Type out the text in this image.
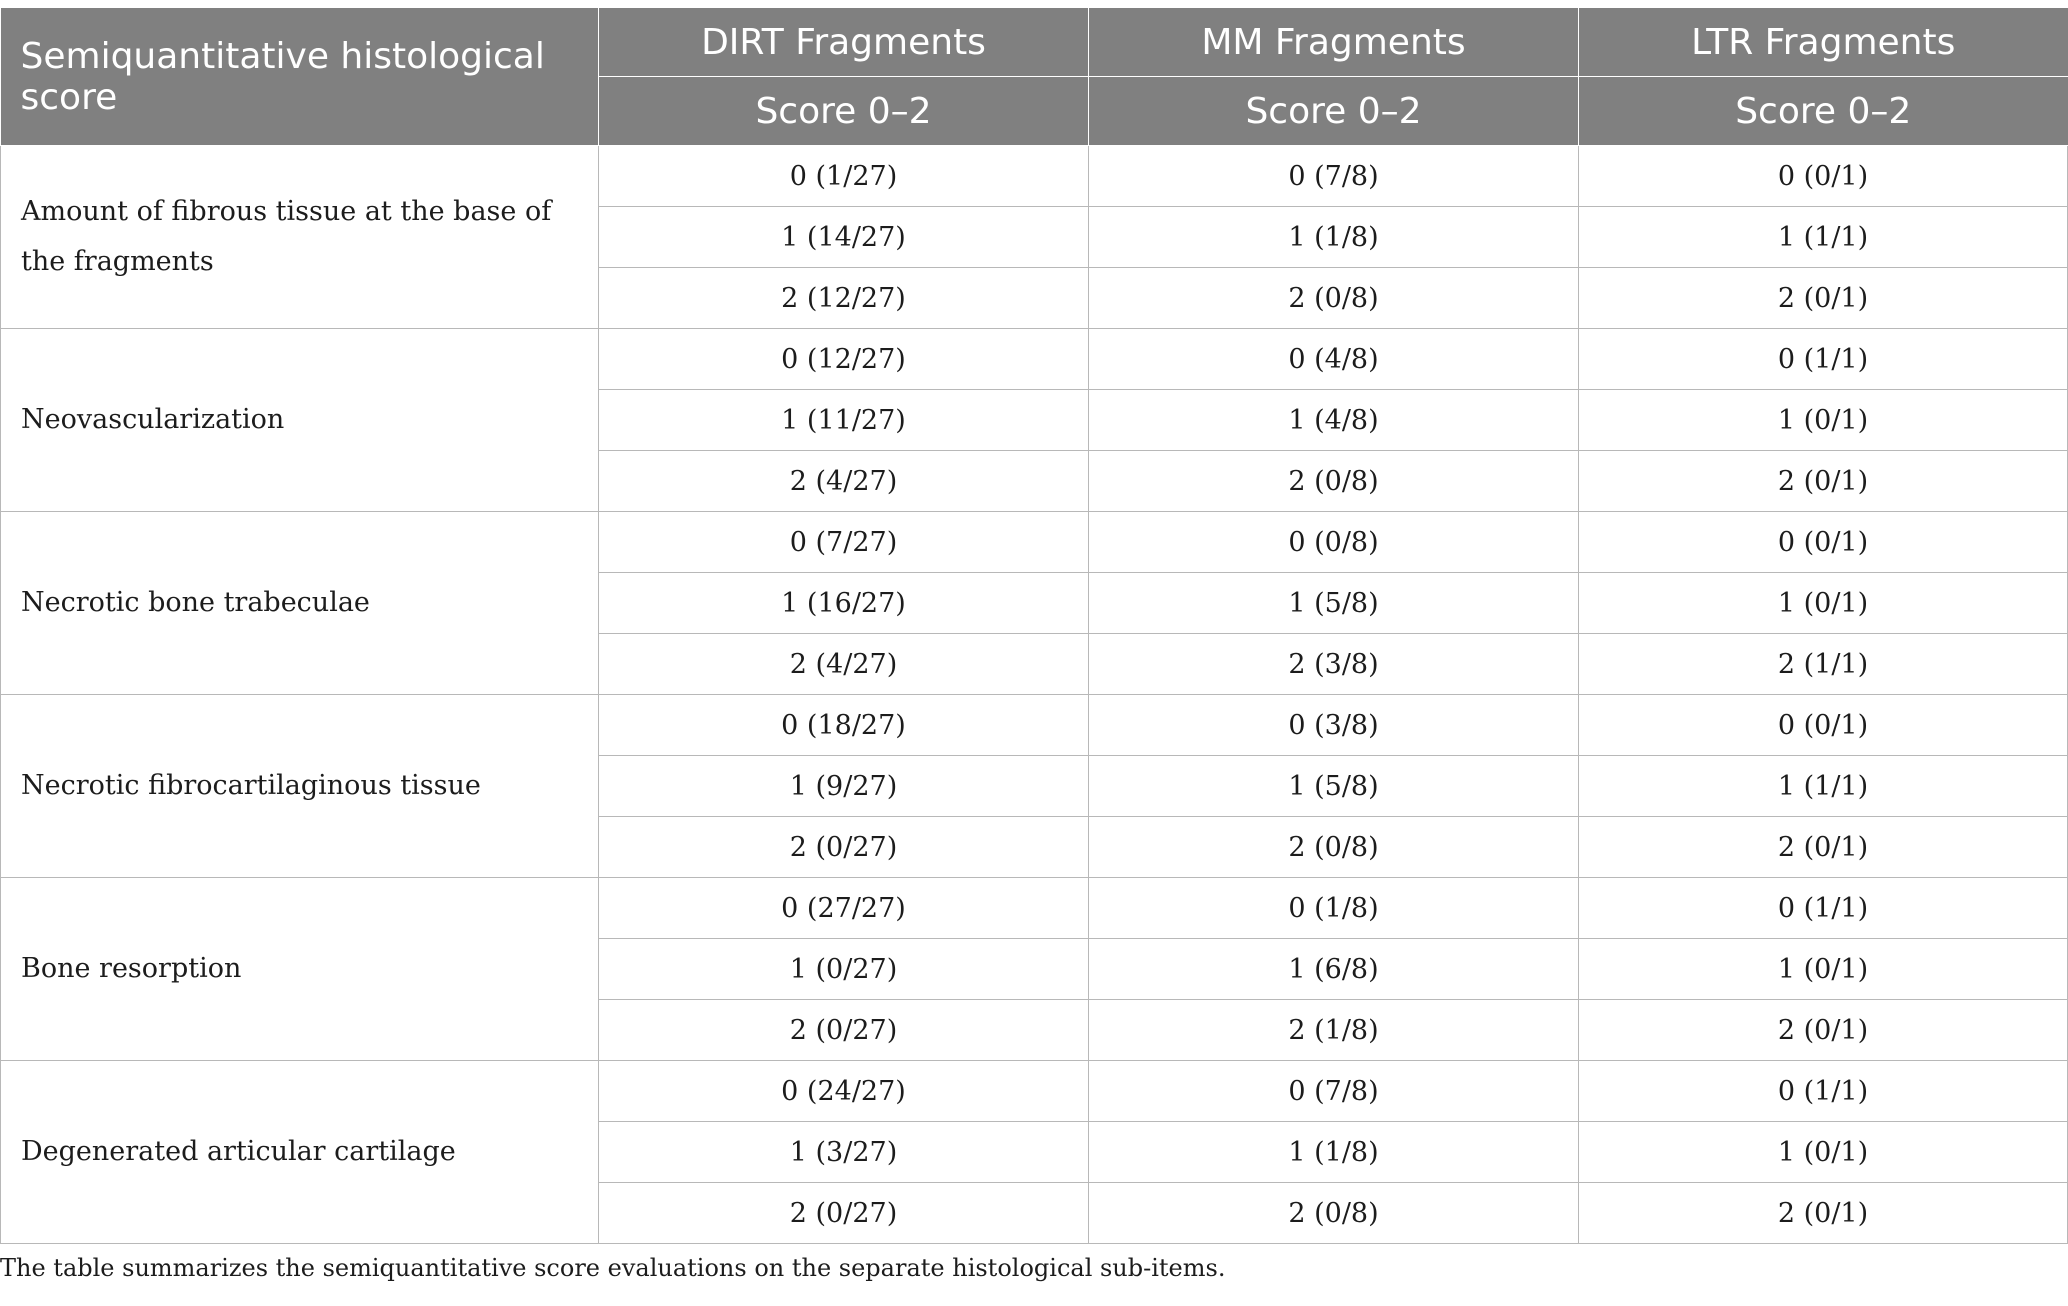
Semiquantitative histological score	DIRT Fragments	MM Fragments	LTR Fragments
	Score 0–2	Score 0–2	Score 0–2
Amount of fibrous tissue at the base of the fragments	0 (1/27)	0 (7/8)	0 (0/1)
	1 (14/27)	1 (1/8)	1 (1/1)
	2 (12/27)	2 (0/8)	2 (0/1)
Neovascularization	0 (12/27)	0 (4/8)	0 (1/1)
	1 (11/27)	1 (4/8)	1 (0/1)
	2 (4/27)	2 (0/8)	2 (0/1)
Necrotic bone trabeculae	0 (7/27)	0 (0/8)	0 (0/1)
	1 (16/27)	1 (5/8)	1 (0/1)
	2 (4/27)	2 (3/8)	2 (1/1)
Necrotic fibrocartilaginous tissue	0 (18/27)	0 (3/8)	0 (0/1)
	1 (9/27)	1 (5/8)	1 (1/1)
	2 (0/27)	2 (0/8)	2 (0/1)
Bone resorption	0 (27/27)	0 (1/8)	0 (1/1)
	1 (0/27)	1 (6/8)	1 (0/1)
	2 (0/27)	2 (1/8)	2 (0/1)
Degenerated articular cartilage	0 (24/27)	0 (7/8)	0 (1/1)
	1 (3/27)	1 (1/8)	1 (0/1)
	2 (0/27)	2 (0/8)	2 (0/1)
The table summarizes the semiquantitative score evaluations on the separate histological sub-items.
